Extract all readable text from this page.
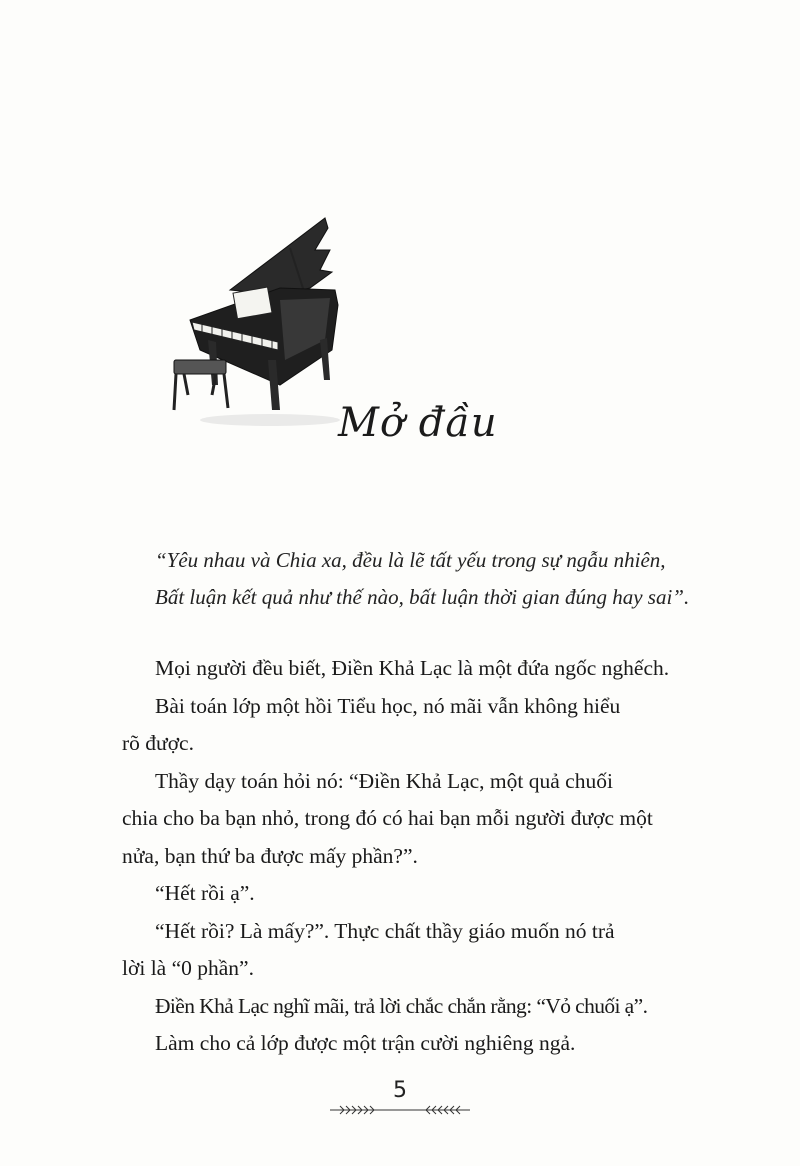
Mở đầu

“Yêu nhau và Chia xa, đều là lẽ tất yếu trong sự ngẫu nhiên,

Bất luận kết quả như thế nào, bất luận thời gian đúng hay sai”.

Mọi người đều biết, Điền Khả Lạc là một đứa ngốc nghếch.

Bài toán lớp một hồi Tiểu học, nó mãi vẫn không hiểu

rõ được.

Thầy dạy toán hỏi nó: “Điền Khả Lạc, một quả chuối

chia cho ba bạn nhỏ, trong đó có hai bạn mỗi người được một

nửa, bạn thứ ba được mấy phần?”.

“Hết rồi ạ”.

“Hết rồi? Là mấy?”. Thực chất thầy giáo muốn nó trả

lời là “0 phần”.

Điền Khả Lạc nghĩ mãi, trả lời chắc chắn rằng: “Vỏ chuối ạ”.

Làm cho cả lớp được một trận cười nghiêng ngả.

5
